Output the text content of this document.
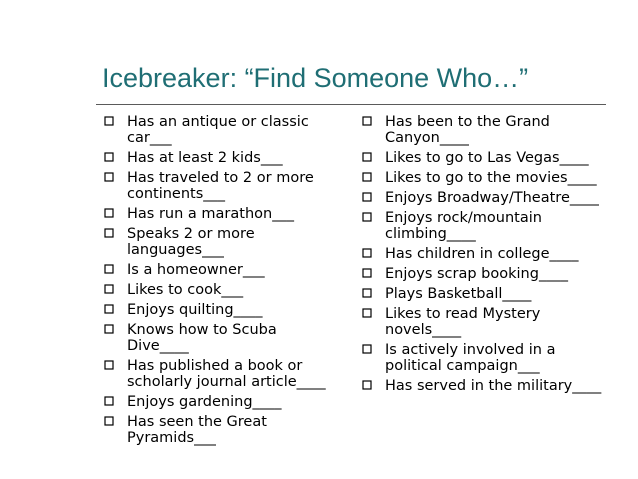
Icebreaker: “Find Someone Who…”
Has an antique or classic car___
Has at least 2 kids___
Has traveled to 2 or more continents___
Has run a marathon___
Speaks 2 or more languages___
Is a homeowner___
Likes to cook___
Enjoys quilting____
Knows how to Scuba Dive____
Has published a book or scholarly journal article____
Enjoys gardening____
Has seen the Great Pyramids___
Has been to the Grand Canyon____
Likes to go to Las Vegas____
Likes to go to the movies____
Enjoys Broadway/Theatre____
Enjoys rock/mountain climbing____
Has children in college____
Enjoys scrap booking____
Plays Basketball____
Likes to read Mystery novels____
Is actively involved in a political campaign___
Has served in the military____
